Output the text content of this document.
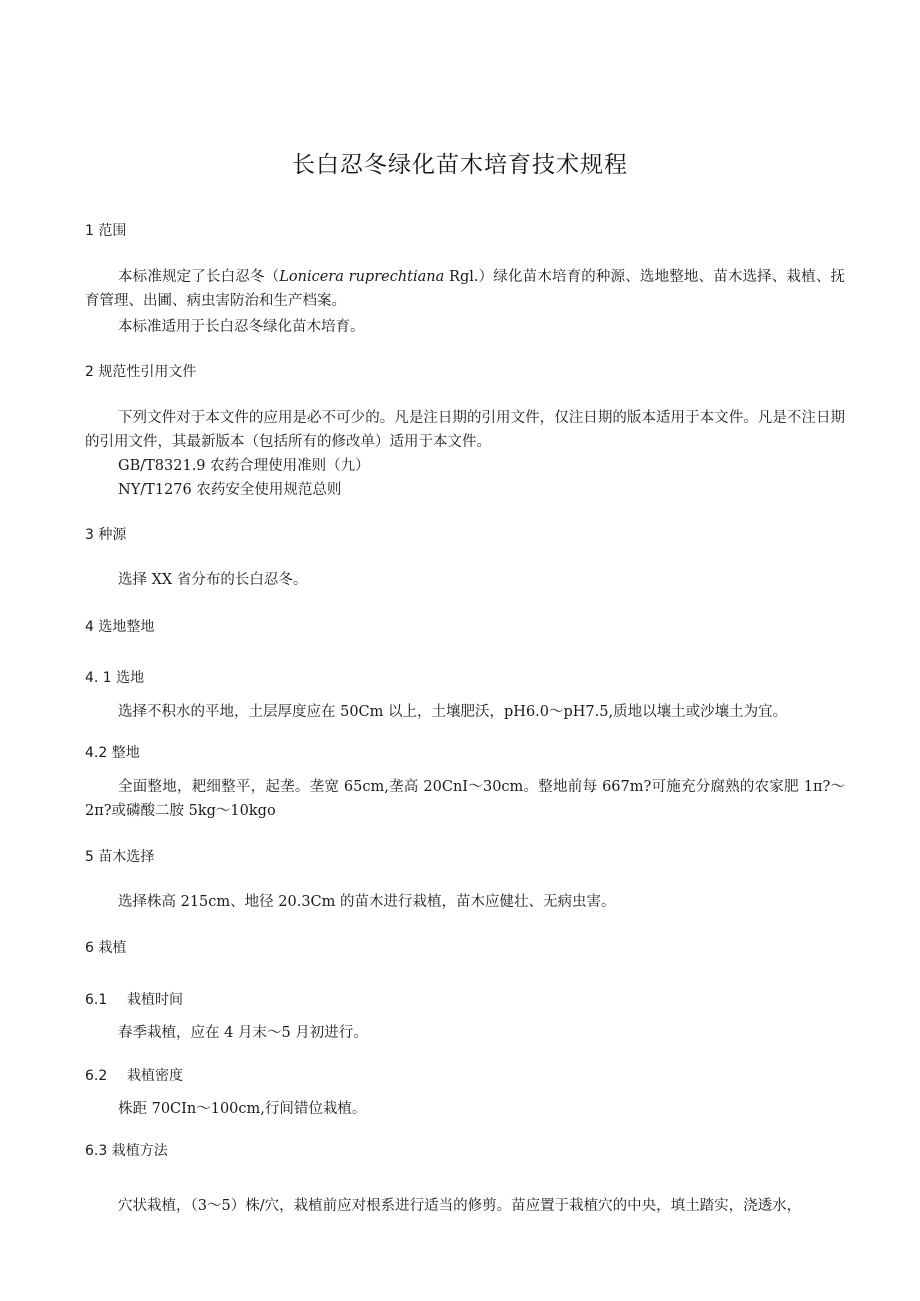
长白忍冬绿化苗木培育技术规程
1 范围
本标准规定了长白忍冬（Lonicera ruprechtiana Rgl.）绿化苗木培育的种源、选地整地、苗木选择、栽植、抚育管理、出圃、病虫害防治和生产档案。
本标准适用于长白忍冬绿化苗木培育。
2 规范性引用文件
下列文件对于本文件的应用是必不可少的。凡是注日期的引用文件，仅注日期的版本适用于本文件。凡是不注日期的引用文件，其最新版本（包括所有的修改单）适用于本文件。
GB/T8321.9 农药合理使用准则（九）
NY/T1276 农药安全使用规范总则
3 种源
选择 XX 省分布的长白忍冬。
4 选地整地
4. 1 选地
选择不积水的平地，土层厚度应在 50Cm 以上，土壤肥沃，pH6.0～pH7.5,质地以壤土或沙壤土为宜。
4.2 整地
全面整地，耙细整平，起垄。垄宽 65cm,垄高 20CnI～30cm。整地前每 667m?可施充分腐熟的农家肥 1π?～2π?或磷酸二胺 5kg～10kgo
5 苗木选择
选择株高 215cm、地径 20.3Cm 的苗木进行栽植，苗木应健壮、无病虫害。
6 栽植
6.1 栽植时间
春季栽植，应在 4 月末～5 月初进行。
6.2 栽植密度
株距 70CIn～100cm,行间错位栽植。
6.3 栽植方法
穴状栽植，（3～5）株/穴，栽植前应对根系进行适当的修剪。苗应置于栽植穴的中央，填土踏实，浇透水，
